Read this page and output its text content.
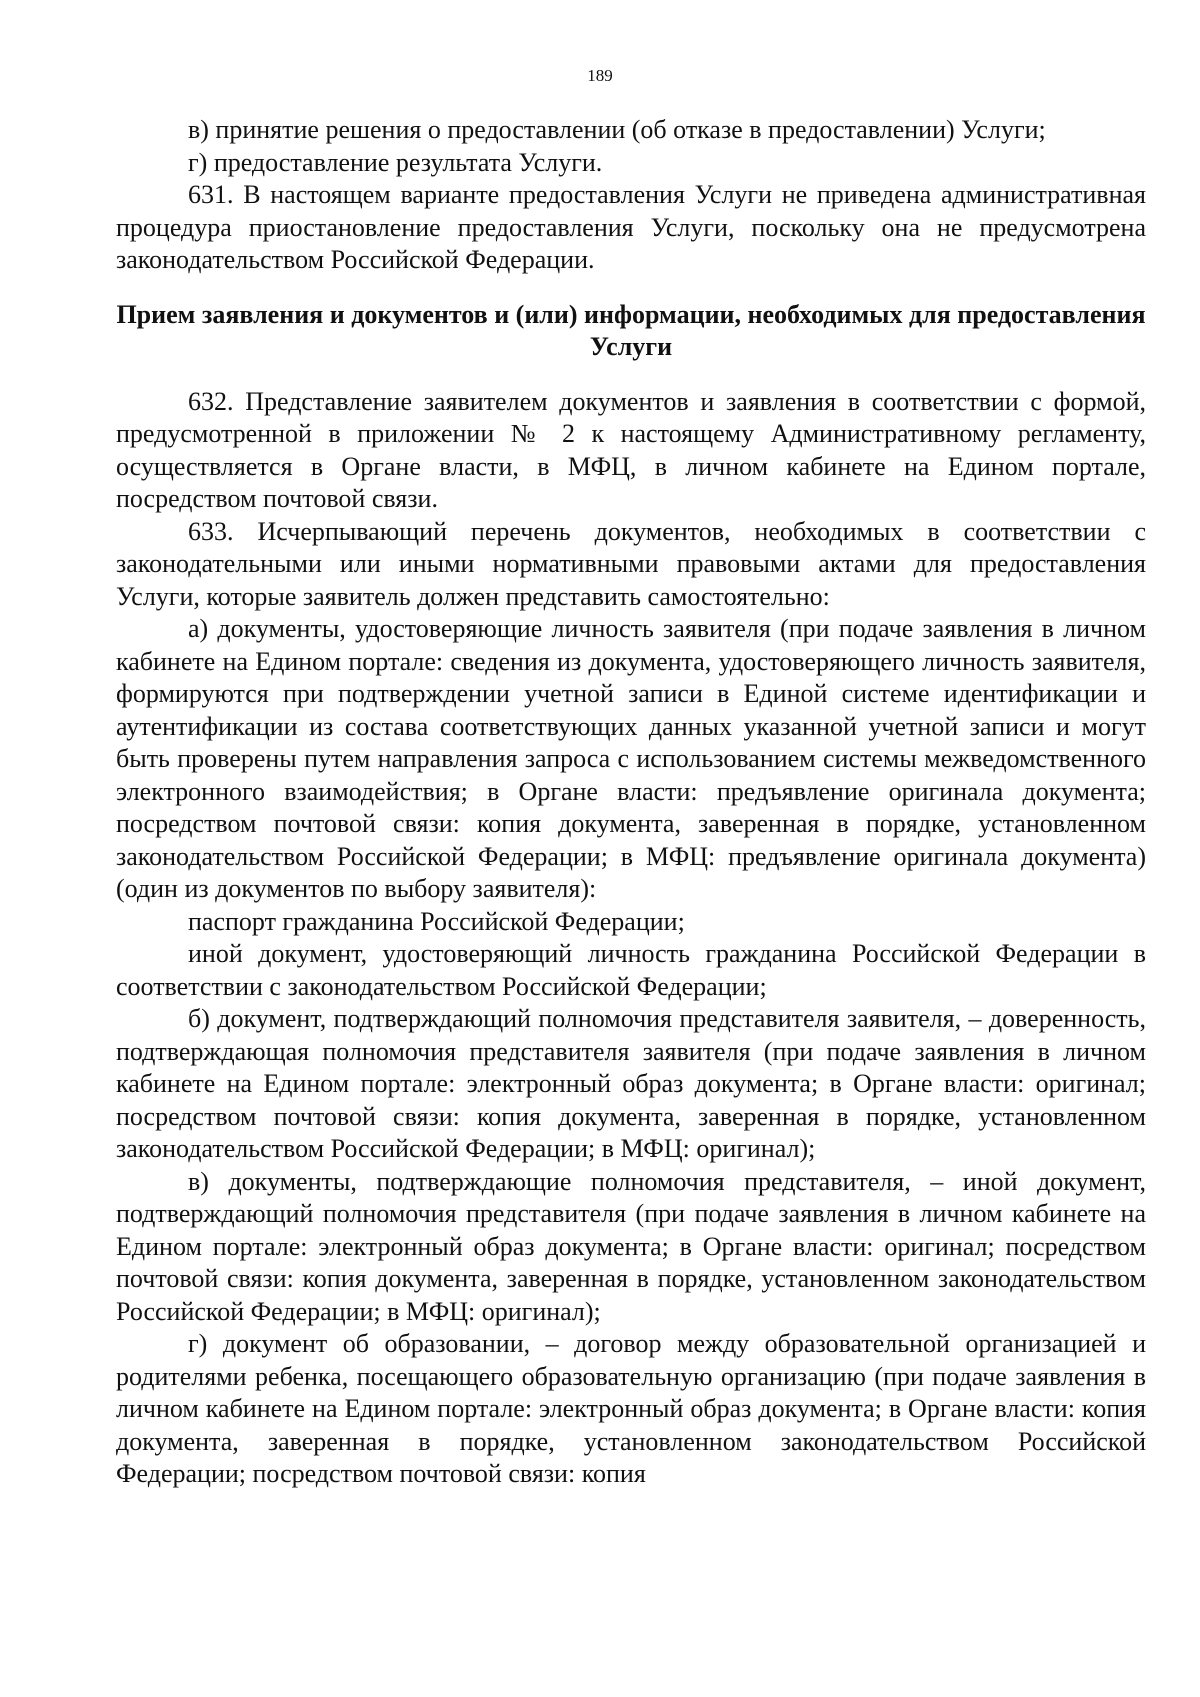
189

в) принятие решения о предоставлении (об отказе в предоставлении) Услуги;

г) предоставление результата Услуги.

631. В настоящем варианте предоставления Услуги не приведена административная процедура приостановление предоставления Услуги, поскольку она не предусмотрена законодательством Российской Федерации.

Прием заявления и документов и (или) информации, необходимых для предоставления Услуги

632. Представление заявителем документов и заявления в соответствии с формой, предусмотренной в приложении № 2 к настоящему Административному регламенту, осуществляется в Органе власти, в МФЦ, в личном кабинете на Едином портале, посредством почтовой связи.

633. Исчерпывающий перечень документов, необходимых в соответствии с законодательными или иными нормативными правовыми актами для предоставления Услуги, которые заявитель должен представить самостоятельно:

а) документы, удостоверяющие личность заявителя (при подаче заявления в личном кабинете на Едином портале: сведения из документа, удостоверяющего личность заявителя, формируются при подтверждении учетной записи в Единой системе идентификации и аутентификации из состава соответствующих данных указанной учетной записи и могут быть проверены путем направления запроса с использованием системы межведомственного электронного взаимодействия; в Органе власти: предъявление оригинала документа; посредством почтовой связи: копия документа, заверенная в порядке, установленном законодательством Российской Федерации; в МФЦ: предъявление оригинала документа) (один из документов по выбору заявителя):

паспорт гражданина Российской Федерации;

иной документ, удостоверяющий личность гражданина Российской Федерации в соответствии с законодательством Российской Федерации;

б) документ, подтверждающий полномочия представителя заявителя, – доверенность, подтверждающая полномочия представителя заявителя (при подаче заявления в личном кабинете на Едином портале: электронный образ документа; в Органе власти: оригинал; посредством почтовой связи: копия документа, заверенная в порядке, установленном законодательством Российской Федерации; в МФЦ: оригинал);

в) документы, подтверждающие полномочия представителя, – иной документ, подтверждающий полномочия представителя (при подаче заявления в личном кабинете на Едином портале: электронный образ документа; в Органе власти: оригинал; посредством почтовой связи: копия документа, заверенная в порядке, установленном законодательством Российской Федерации; в МФЦ: оригинал);

г) документ об образовании, – договор между образовательной организацией и родителями ребенка, посещающего образовательную организацию (при подаче заявления в личном кабинете на Едином портале: электронный образ документа; в Органе власти: копия документа, заверенная в порядке, установленном законодательством Российской Федерации; посредством почтовой связи: копия
